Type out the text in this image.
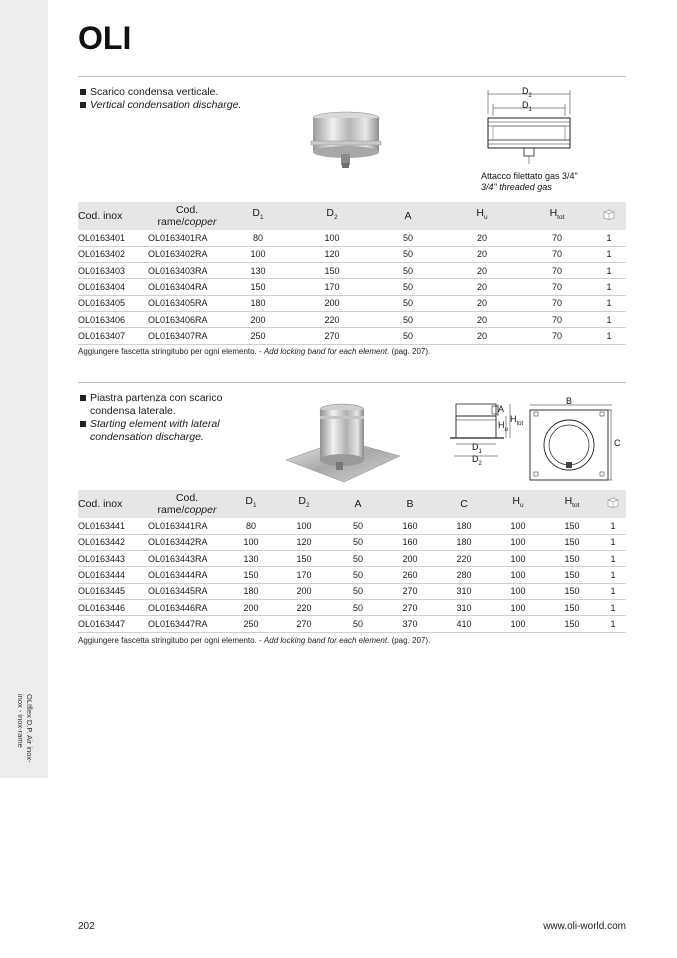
OLIflex D.P. Air inox-inox - inox-rame
OLI
Scarico condensa verticale.
Vertical condensation discharge.
$D_2$
$D_1$
Attacco filettato gas 3/4"
3/4" threaded gas
Cod. inox	Cod.
rame/copper	$D_1$	$D_2$	A	$H_u$	$H_{tot}$	
OL0163401	OL0163401RA	80	100	50	20	70	1
OL0163402	OL0163402RA	100	120	50	20	70	1
OL0163403	OL0163403RA	130	150	50	20	70	1
OL0163404	OL0163404RA	150	170	50	20	70	1
OL0163405	OL0163405RA	180	200	50	20	70	1
OL0163406	OL0163406RA	200	220	50	20	70	1
OL0163407	OL0163407RA	250	270	50	20	70	1
Aggiungere fascetta stringitubo per ogni elemento. - Add locking band for each element. (pag. 207).
Piastra partenza con scarico
condensa laterale.
Starting element with lateral
condensation discharge.
A
$H_u$
$H_{tot}$
$D_1$
$D_2$
B
C
Cod. inox	Cod.
rame/copper	$D_1$	$D_2$	A	B	C	$H_u$	$H_{tot}$	
OL0163441	OL0163441RA	80	100	50	160	180	100	150	1
OL0163442	OL0163442RA	100	120	50	160	180	100	150	1
OL0163443	OL0163443RA	130	150	50	200	220	100	150	1
OL0163444	OL0163444RA	150	170	50	260	280	100	150	1
OL0163445	OL0163445RA	180	200	50	270	310	100	150	1
OL0163446	OL0163446RA	200	220	50	270	310	100	150	1
OL0163447	OL0163447RA	250	270	50	370	410	100	150	1
Aggiungere fascetta stringitubo per ogni elemento. - Add locking band for each element. (pag. 207).
202	www.oli-world.com
